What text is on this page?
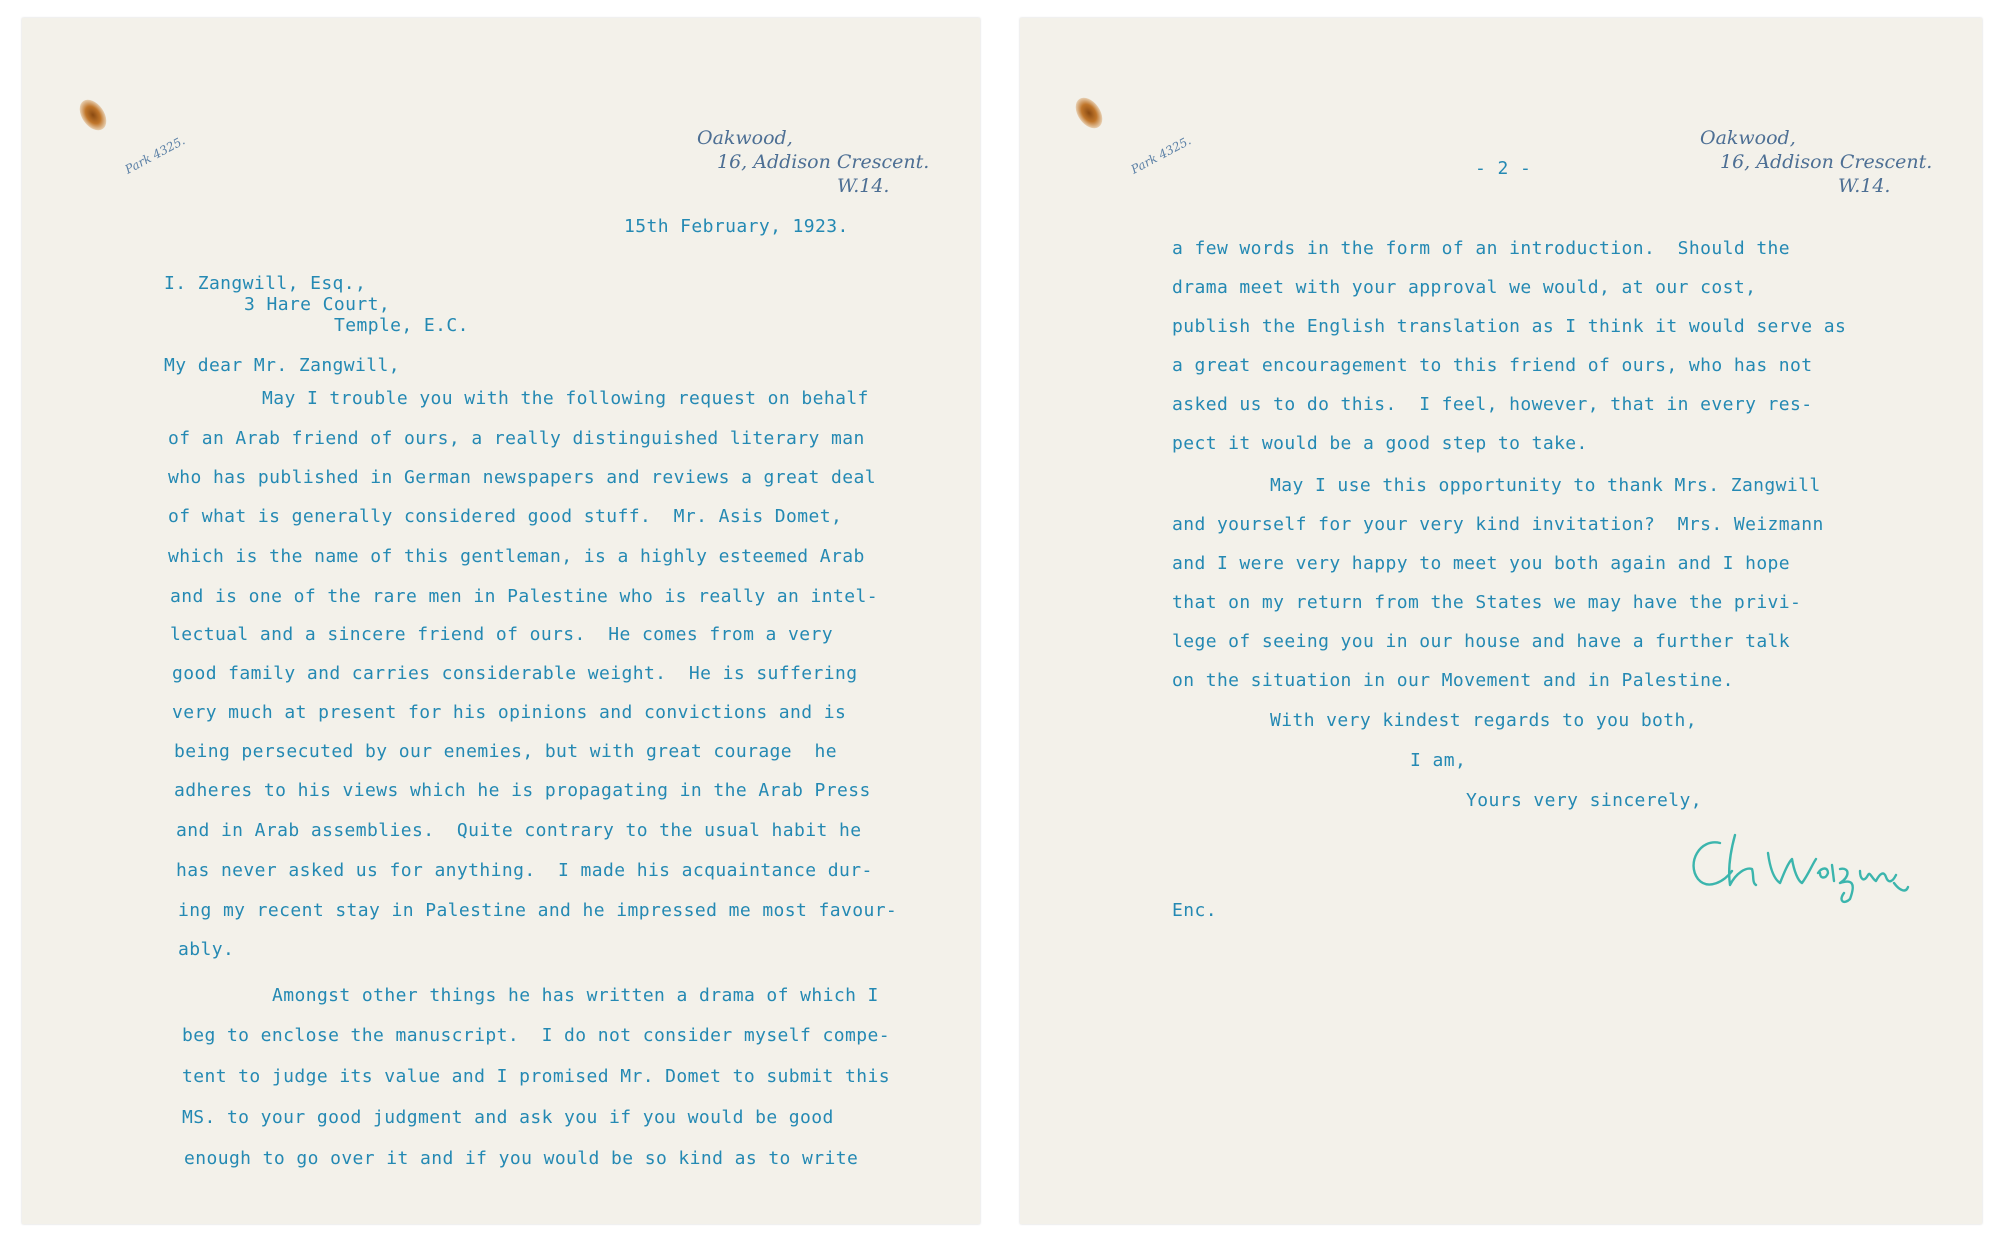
Park 4325.	Oakwood,
16, Addison Crescent.
W.14.
15th February, 1923.
I. Zangwill, Esq.,
3 Hare Court,
Temple, E.C.
My dear Mr. Zangwill,
May I trouble you with the following request on behalf
of an Arab friend of ours, a really distinguished literary man
who has published in German newspapers and reviews a great deal
of what is generally considered good stuff.  Mr. Asis Domet,
which is the name of this gentleman, is a highly esteemed Arab
and is one of the rare men in Palestine who is really an intel-
lectual and a sincere friend of ours.  He comes from a very
good family and carries considerable weight.  He is suffering
very much at present for his opinions and convictions and is
being persecuted by our enemies, but with great courage  he
adheres to his views which he is propagating in the Arab Press
and in Arab assemblies.  Quite contrary to the usual habit he
has never asked us for anything.  I made his acquaintance dur-
ing my recent stay in Palestine and he impressed me most favour-
ably.
Amongst other things he has written a drama of which I
beg to enclose the manuscript.  I do not consider myself compe-
tent to judge its value and I promised Mr. Domet to submit this
MS. to your good judgment and ask you if you would be good
enough to go over it and if you would be so kind as to write
Park 4325.	- 2 -
Oakwood,
16, Addison Crescent.
W.14.
a few words in the form of an introduction.  Should the
drama meet with your approval we would, at our cost,
publish the English translation as I think it would serve as
a great encouragement to this friend of ours, who has not
asked us to do this.  I feel, however, that in every res-
pect it would be a good step to take.
May I use this opportunity to thank Mrs. Zangwill
and yourself for your very kind invitation?  Mrs. Weizmann
and I were very happy to meet you both again and I hope
that on my return from the States we may have the privi-
lege of seeing you in our house and have a further talk
on the situation in our Movement and in Palestine.
With very kindest regards to you both,
I am,
Yours very sincerely,
Ch. Weizmann
Enc.
